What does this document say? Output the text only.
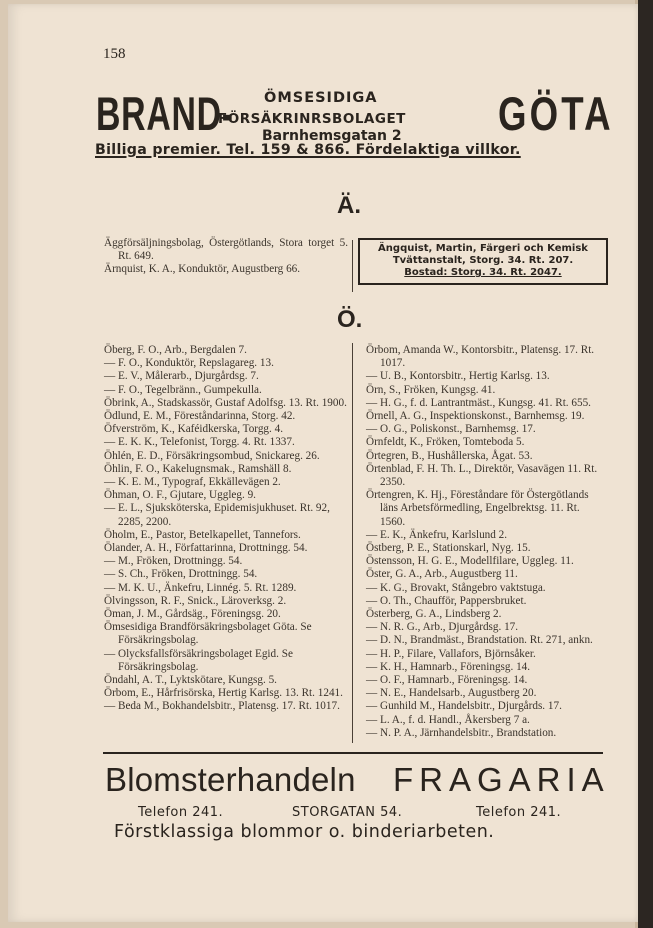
158
BRAND- ÖMSESIDIGA
FÖRSÄKRINRSBOLAGET
Barnhemsgatan 2 GÖTA
Billiga premier. Tel. 159 & 866. Fördelaktiga villkor.
Ä.

Äggförsäljningsbolag, Östergötlands, Stora torget 5. Rt. 649.

Ärnquist, K. A., Konduktör, Augustberg 66.

Ängquist, Martin, Färgeri och Kemisk
Tvättanstalt, Storg. 34. Rt. 207.
Bostad: Storg. 34. Rt. 2047.
Ö.

Öberg, F. O., Arb., Bergdalen 7.

— F. O., Konduktör, Repslagareg. 13.

— E. V., Målerarb., Djurgårdsg. 7.

— F. O., Tegelbränn., Gumpekulla.

Öbrink, A., Stadskassör, Gustaf Adolfsg. 13. Rt. 1900.

Ödlund, E. M., Föreståndarinna, Storg. 42.

Öfverström, K., Kaféidkerska, Torgg. 4.

— E. K. K., Telefonist, Torgg. 4. Rt. 1337.

Öhlén, E. D., Försäkringsombud, Snickareg. 26.

Öhlin, F. O., Kakelugnsmak., Ramshäll 8.

— K. E. M., Typograf, Ekkällevägen 2.

Öhman, O. F., Gjutare, Uggleg. 9.

— E. L., Sjuksköterska, Epidemisjukhuset. Rt. 92, 2285, 2200.

Öholm, E., Pastor, Betelkapellet, Tannefors.

Ölander, A. H., Författarinna, Drottningg. 54.

— M., Fröken, Drottningg. 54.

— S. Ch., Fröken, Drottningg. 54.

— M. K. U., Änkefru, Linnég. 5. Rt. 1289.

Ölvingsson, R. F., Snick., Läroverksg. 2.

Öman, J. M., Gårdsäg., Föreningsg. 20.

Ömsesidiga Brandförsäkringsbolaget Göta. Se Försäkringsbolag.

— Olycksfallsförsäkringsbolaget Egid. Se Försäkringsbolag.

Öndahl, A. T., Lyktskötare, Kungsg. 5.

Örbom, E., Hårfrisörska, Hertig Karlsg. 13. Rt. 1241.

— Beda M., Bokhandelsbitr., Platensg. 17. Rt. 1017.

Örbom, Amanda W., Kontorsbitr., Platensg. 17. Rt. 1017.

— U. B., Kontorsbitr., Hertig Karlsg. 13.

Örn, S., Fröken, Kungsg. 41.

— H. G., f. d. Lantrantmäst., Kungsg. 41. Rt. 655.

Örnell, A. G., Inspektionskonst., Barnhemsg. 19.

— O. G., Poliskonst., Barnhemsg. 17.

Örnfeldt, K., Fröken, Tomteboda 5.

Örtegren, B., Hushållerska, Ågat. 53.

Örtenblad, F. H. Th. L., Direktör, Vasavägen 11. Rt. 2350.

Örtengren, K. Hj., Föreståndare för Östergötlands läns Arbetsförmedling, Engelbrektsg. 11. Rt. 1560.

— E. K., Änkefru, Karlslund 2.

Östberg, P. E., Stationskarl, Nyg. 15.

Östensson, H. G. E., Modellfilare, Uggleg. 11.

Öster, G. A., Arb., Augustberg 11.

— K. G., Brovakt, Stångebro vaktstuga.

— O. Th., Chaufför, Pappersbruket.

Österberg, G. A., Lindsberg 2.

— N. R. G., Arb., Djurgårdsg. 17.

— D. N., Brandmäst., Brandstation. Rt. 271, ankn.

— H. P., Filare, Vallafors, Björnsåker.

— K. H., Hamnarb., Föreningsg. 14.

— O. F., Hamnarb., Föreningsg. 14.

— N. E., Handelsarb., Augustberg 20.

— Gunhild M., Handelsbitr., Djurgårds. 17.

— L. A., f. d. Handl., Åkersberg 7 a.

— N. P. A., Järnhandelsbitr., Brandstation.

Blomsterhandeln FRAGARIA
Telefon 241.	STORGATAN 54.	Telefon 241.
Förstklassiga blommor o. binderiarbeten.
